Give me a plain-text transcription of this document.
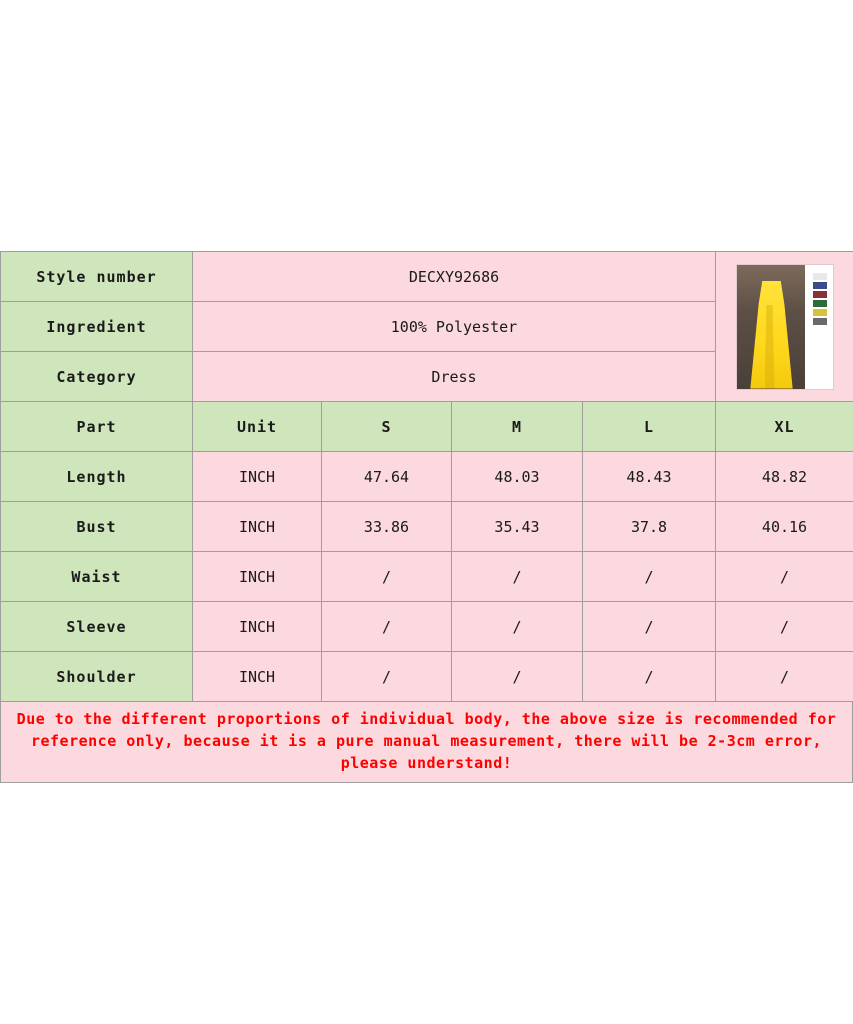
Style number	DECXY92686				

Ingredient	100% Polyester				
Category	Dress				
Part	Unit	S	M	L	XL
Length	INCH	47.64	48.03	48.43	48.82
Bust	INCH	33.86	35.43	37.8	40.16
Waist	INCH	/	/	/	/
Sleeve	INCH	/	/	/	/
Shoulder	INCH	/	/	/	/
Due to the different proportions of individual body, the above size is recommended for reference only, because it is a pure manual measurement, there will be 2-3cm error, please understand!
